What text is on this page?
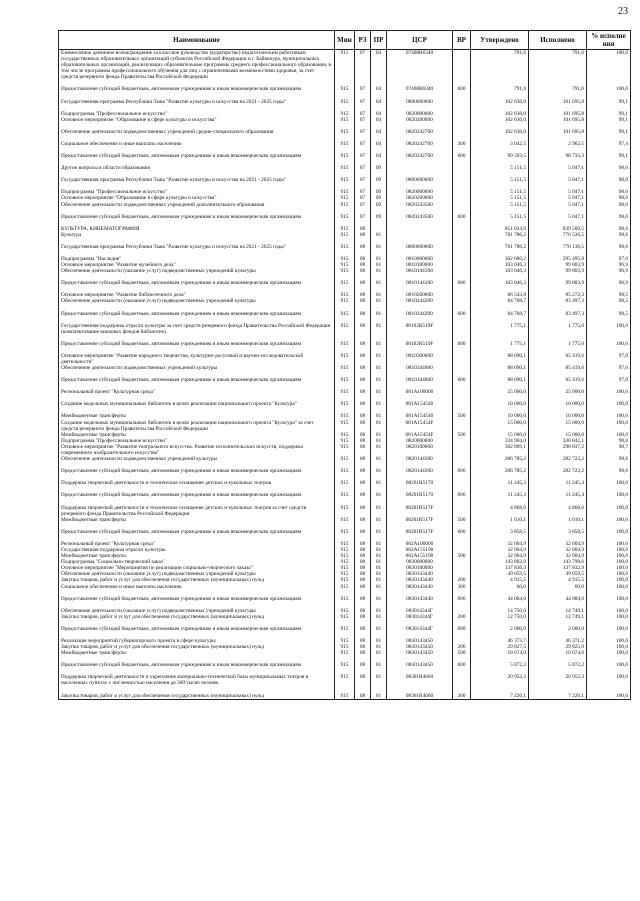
23
Наименование	Мин	РЗ	ПР	ЦСР	ВР	Утверждено	Исполнено	% исполне ния
Ежемесячное денежное вознаграждение за классное руководство (кураторство) педагогическим работникам государственных образовательных организаций субъектов Российской Федерации и г. Байконура, муниципальных образовательных организаций, реализующих образовательные программы среднего профессионального образования, в том числе программы профессионального обучения для лиц с ограниченными возможностями здоровья, за счет средств резервного фонда Правительства Российской Федерации	915	07	04	07408R6340		791,6	791,6	100,0

Предоставление субсидий бюджетным, автономным учреждениям и иным некоммерческим организациям	915	07	04	07408R6340	600	791,6	791,6	100,0

Государственная программа Республики Тыва "Развитие культуры и искусства на 2021 - 2025 годы"	915	07	04	0800000000		102 636,0	101 695,8	99,1

Подпрограмма "Профессиональное искусство"	915	07	04	0820000000		102 636,0	101 695,8	99,1
Основное мероприятие "Образование в сфере культуры и искусства"	915	07	04	0820200000		102 636,0	101 695,8	99,1

Обеспечение деятельности подведомственных учреждений средне-специального образования	915	07	04	0820242700		102 636,0	101 695,8	99,1

Социальное обеспечение и иные выплаты населению	915	07	04	0820242700	300	3 042,5	2 962,5	97,4

Предоставление субсидий бюджетным, автономным учреждениям и иным некоммерческим организациям	915	07	04	0820242700	600	99 593,5	98 733,3	99,1

Другие вопросы в области образования	915	07	09			5 151,5	5 047,1	98,0

Государственная программа Республики Тыва "Развитие культуры и искусства на 2021 - 2025 годы"	915	07	09	0800000000		5 151,5	5 047,1	98,0

Подпрограмма "Профессиональное искусство"	915	07	09	0820000000		5 151,5	5 047,1	98,0
Основное мероприятие "Образование в сфере культуры и искусства"	915	07	09	0820200000		5 151,5	5 047,1	98,0
Обеспечение деятельности подведомственных учреждений дополнительного образования	915	07	09	0820243500		5 151,5	5 047,1	98,0

Предоставление субсидий бюджетным, автономным учреждениям и иным некоммерческим организациям	915	07	09	0820243500	600	5 151,5	5 047,1	98,0

КУЛЬТУРА, КИНЕМАТОГРАФИЯ	915	08				851 824,9	839 500,5	98,6
Культура	915	08	01			781 786,2	770 536,5	98,6

Государственная программа Республики Тыва "Развитие культуры и искусства на 2021 - 2025 годы"	915	08	01	0800000000		781 786,2	770 136,5	98,6

Подпрограмма "Наследие"	915	08	01	0810000000		302 680,2	295 495,8	97,6
Основное мероприятие "Развитие музейного дела"	915	08	01	0810100000		103 046,3	99 803,9	96,9
Обеспечение деятельности (оказание услуг) подведомственных учреждений культуры	915	08	01	0810144100		103 046,3	99 803,9	96,9

Предоставление субсидий бюджетным, автономным учреждениям и иным некоммерческим организациям	915	08	01	0810144100	600	103 046,3	99 803,9	96,9

Основное мероприятие "Развитие библиотечного дела"	915	08	01	0810200000		86 543,8	85 272,3	98,5
Обеспечение деятельности (оказание услуг) подведомственных учреждений культуры	915	08	01	0810244200		84 768,7	83 497,3	98,5

Предоставление субсидий бюджетным, автономным учреждениям и иным некоммерческим организациям	915	08	01	0810244200	600	84 768,7	83 497,3	98,5

Государственная поддержка отрасли культуры за счет средств резервного фонда Правительства Российской Федерации (комплектование книжных фондов библиотек)	915	08	01	08102R519F		1 775,1	1 775,0	100,0

Предоставление субсидий бюджетным, автономным учреждениям и иным некоммерческим организациям	915	08	01	08102R519F	600	1 775,1	1 775,0	100,0

Основное мероприятие "Развитие народного творчества, культурно-досуговой и научно-исследовательской деятельности"	915	08	01	0810300000		88 090,1	85 419,6	97,0
Обеспечение деятельности подведомственных учреждений культуры	915	08	01	0810344000		88 090,1	85 419,6	97,0

Предоставление субсидий бюджетным, автономным учреждениям и иным некоммерческим организациям	915	08	01	0810344000	600	88 090,1	85 419,6	97,0

Региональный проект "Культурная среда"	915	08	01	081A100000		25 000,0	25 000,0	100,0

Создание модельных муниципальных библиотек в целях реализации национального проекта "Культура"	915	08	01	081A154540		10 000,0	10 000,0	100,0

Межбюджетные трансферты	915	08	01	081A154540	500	10 000,0	10 000,0	100,0
Создание модельных муниципальных библиотек в целях реализации национального проекта "Культура" за счет средств резервного фонда Правительства Российской Федерации	915	08	01	081A15454F		15 000,0	15 000,0	100,0
Межбюджетные трансферты	915	08	01	081A15454F	500	15 000,0	15 000,0	100,0
Подпрограмма "Профессиональное искусство"	915	08	01	0820000000		334 904,0	330 842,1	98,8
Основное мероприятие "Развитие театрального искусства. Развитие исполнительских искусств, поддержка современного изобразительного искусства"	915	08	01	0820100000		302 899,1	298 837,2	98,7
Обеспечение деятельности подведомственных учреждений культуры	915	08	01	0820144300		286 785,2	282 723,2	98,6

Предоставление субсидий бюджетным, автономным учреждениям и иным некоммерческим организациям	915	08	01	0820144300	600	286 785,2	282 723,2	98,6

Поддержка творческой деятельности и техническое оснащение детских и кукольных театров	915	08	01	08201R5170		11 245,3	11 245,4	100,0

Предоставление субсидий бюджетным, автономным учреждениям и иным некоммерческим организациям	915	08	01	08201R5170	600	11 245,3	11 245,4	100,0

Поддержка творческой деятельности и техническое оснащение детских и кукольных театров за счет средств резервного фонда Правительства Российской Федерации	915	08	01	08201R517F		4 868,6	4 868,6	100,0
Межбюджетные трансферты	915	08	01	08201R517F	500	1 010,1	1 010,1	100,0

Предоставление субсидий бюджетным, автономным учреждениям и иным некоммерческим организациям	915	08	01	08201R517F	600	3 858,5	3 858,5	100,0

Региональный проект "Культурная среда"	915	08	01	082A100000		32 004,9	32 004,9	100,0
Государственная поддержка отрасли культуры	915	08	01	082A155190		32 004,9	32 004,9	100,0
Межбюджетные трансферты	915	08	01	082A155190	500	32 004,9	32 004,9	100,0
Подпрограмма "Социально-творческий заказ"	915	08	01	0830000000		143 802,0	143 798,6	100,0
Основное мероприятие "Мероприятия по реализации социально-творческого заказа"	915	08	01	0830100000		137 836,3	137 832,9	100,0
Обеспечение деятельности (оказание услуг) подведомственных учреждений культуры	915	08	01	0830143440		49 059,5	49 059,5	100,0
Закупка товаров, работ и услуг для обеспечения государственных (муниципальных) нужд	915	08	01	0830143440	200	4 915,5	4 915,5	100,0
Социальное обеспечение и иные выплаты населению	915	08	01	0830143440	300	60,0	60,0	100,0

Предоставление субсидий бюджетным, автономным учреждениям и иным некоммерческим организациям	915	08	01	0830143440	600	44 084,0	44 084,0	100,0

Обеспечение деятельности (оказание услуг) подведомственных учреждений культуры	915	08	01	083014344Г		14 750,0	14 749,1	100,0
Закупка товаров, работ и услуг для обеспечения государственных (муниципальных) нужд	915	08	01	083014344Г	200	12 750,0	12 749,1	100,0

Предоставление субсидий бюджетным, автономным учреждениям и иным некоммерческим организациям	915	08	01	083014344Г	600	2 000,0	2 000,0	100,0

Реализация мероприятий губернаторского проекта в сфере культуры	915	08	01	0830143450		46 373,7	46 371,2	100,0
Закупка товаров, работ и услуг для обеспечения государственных (муниципальных) нужд	915	08	01	0830143450	200	29 827,5	29 825,0	100,0
Межбюджетные трансферты	915	08	01	0830143450	500	10 674,0	10 674,0	100,0

Предоставление субсидий бюджетным, автономным учреждениям и иным некоммерческим организациям	915	08	01	0830143450	600	5 872,2	5 872,2	100,0

Поддержка творческой деятельности и укрепление материально-технической базы муниципальных театров в населенных пунктах с численностью населения до 300 тысяч человек	915	08	01	08301R4660		20 952,3	20 952,3	100,0

Закупка товаров, работ и услуг для обеспечения государственных (муниципальных) нужд	915	08	01	08301R4660	200	7 226,1	7 226,1	100,0
